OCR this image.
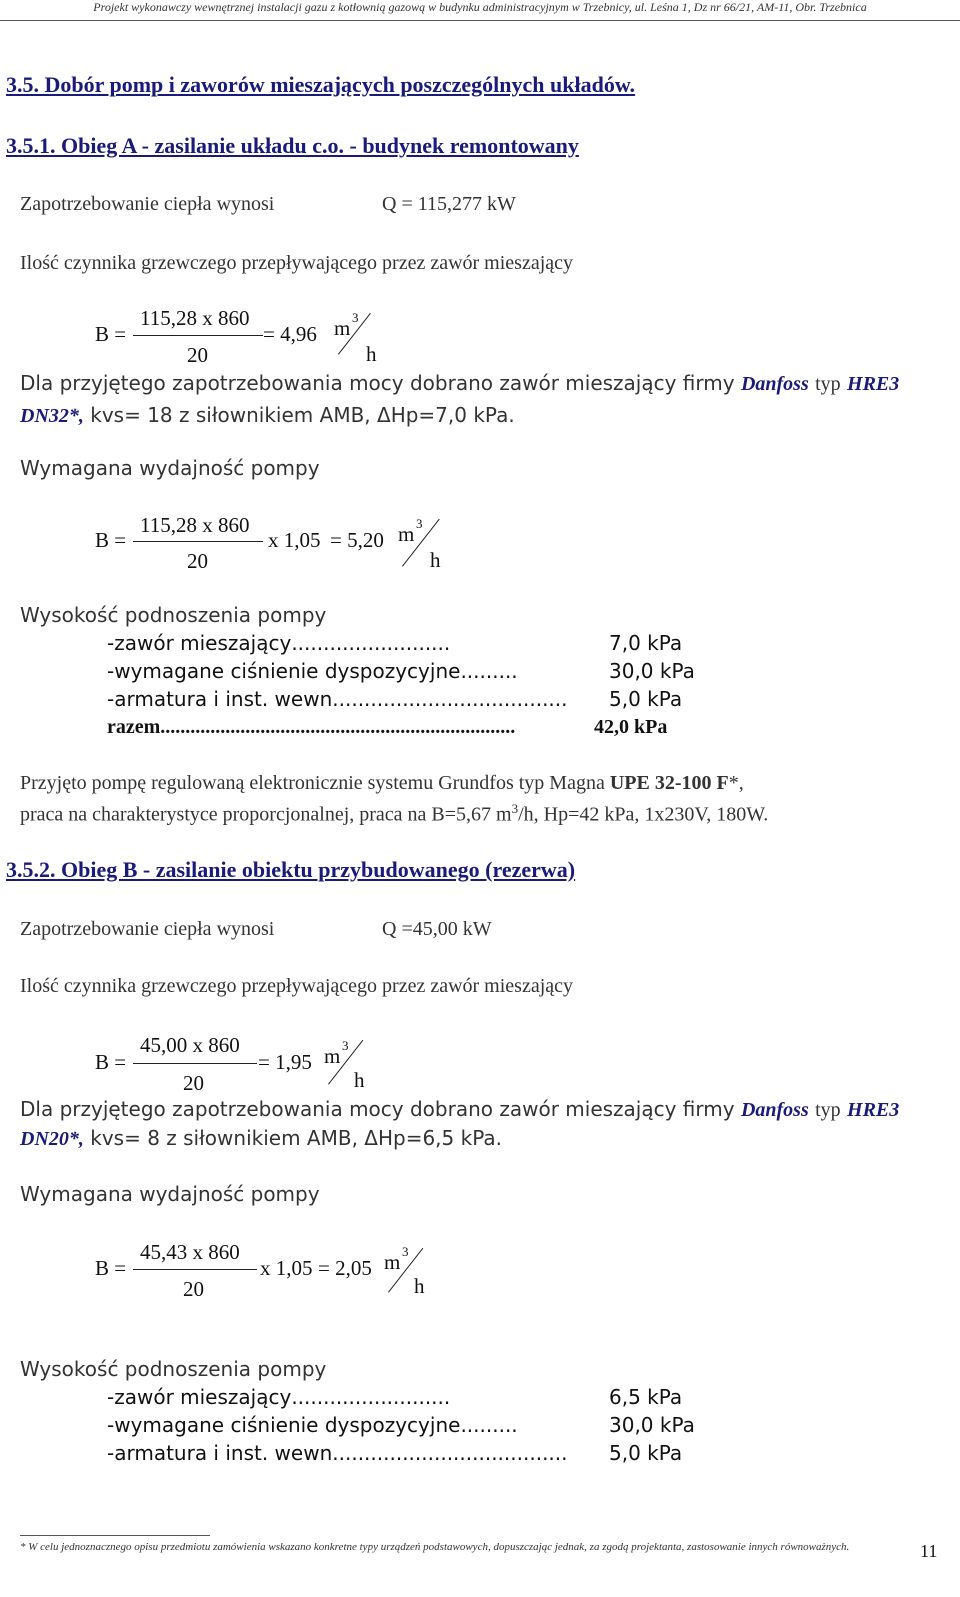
Projekt wykonawczy wewnętrznej instalacji gazu z kotłownią gazową w budynku administracyjnym w Trzebnicy, ul. Leśna 1, Dz nr 66/21, AM-11, Obr. Trzebnica
3.5. Dobór pomp i zaworów mieszających poszczególnych układów.
3.5.1. Obieg A - zasilanie układu c.o. - budynek remontowany
Zapotrzebowanie ciepła wynosi	Q = 115,277 kW
Ilość czynnika grzewczego przepływającego przez zawór mieszający
B =
115,28 x 860
20
= 4,96 m 3
h
Dla przyjętego zapotrzebowania mocy dobrano zawór mieszający firmy Danfoss typ HRE3
DN32*, kvs= 18 z siłownikiem AMB, ΔHp=7,0 kPa.
Wymagana wydajność pompy
B =
115,28 x 860
20
x 1,05 = 5,20 m 3
h
Wysokość podnoszenia pompy
-zawór mieszający.........................	7,0 kPa
-wymagane ciśnienie dyspozycyjne.........	30,0 kPa
-armatura i inst. wewn..................................... 5,0 kPa
razem.......................................................................	42,0 kPa
Przyjęto pompę regulowaną elektronicznie systemu Grundfos typ Magna UPE 32-100 F*,
praca na charakterystyce proporcjonalnej, praca na B=5,67 $m^3/h$, Hp=42 kPa, 1x230V, 180W.
3.5.2. Obieg B - zasilanie obiektu przybudowanego (rezerwa)
Zapotrzebowanie ciepła wynosi	Q =45,00 kW
Ilość czynnika grzewczego przepływającego przez zawór mieszający
B =
45,00 x 860
20
= 1,95 m 3
h
Dla przyjętego zapotrzebowania mocy dobrano zawór mieszający firmy Danfoss typ HRE3
DN20*, kvs= 8 z siłownikiem AMB, ΔHp=6,5 kPa.
Wymagana wydajność pompy
B =
45,43 x 860
20
x 1,05 = 2,05 m 3
h
Wysokość podnoszenia pompy
-zawór mieszający.........................	6,5 kPa
-wymagane ciśnienie dyspozycyjne.........	30,0 kPa
-armatura i inst. wewn..................................... 5,0 kPa
* W celu jednoznacznego opisu przedmiotu zamówienia wskazano konkretne typy urządzeń podstawowych, dopuszczając jednak, za zgodą projektanta, zastosowanie innych równoważnych.	11
